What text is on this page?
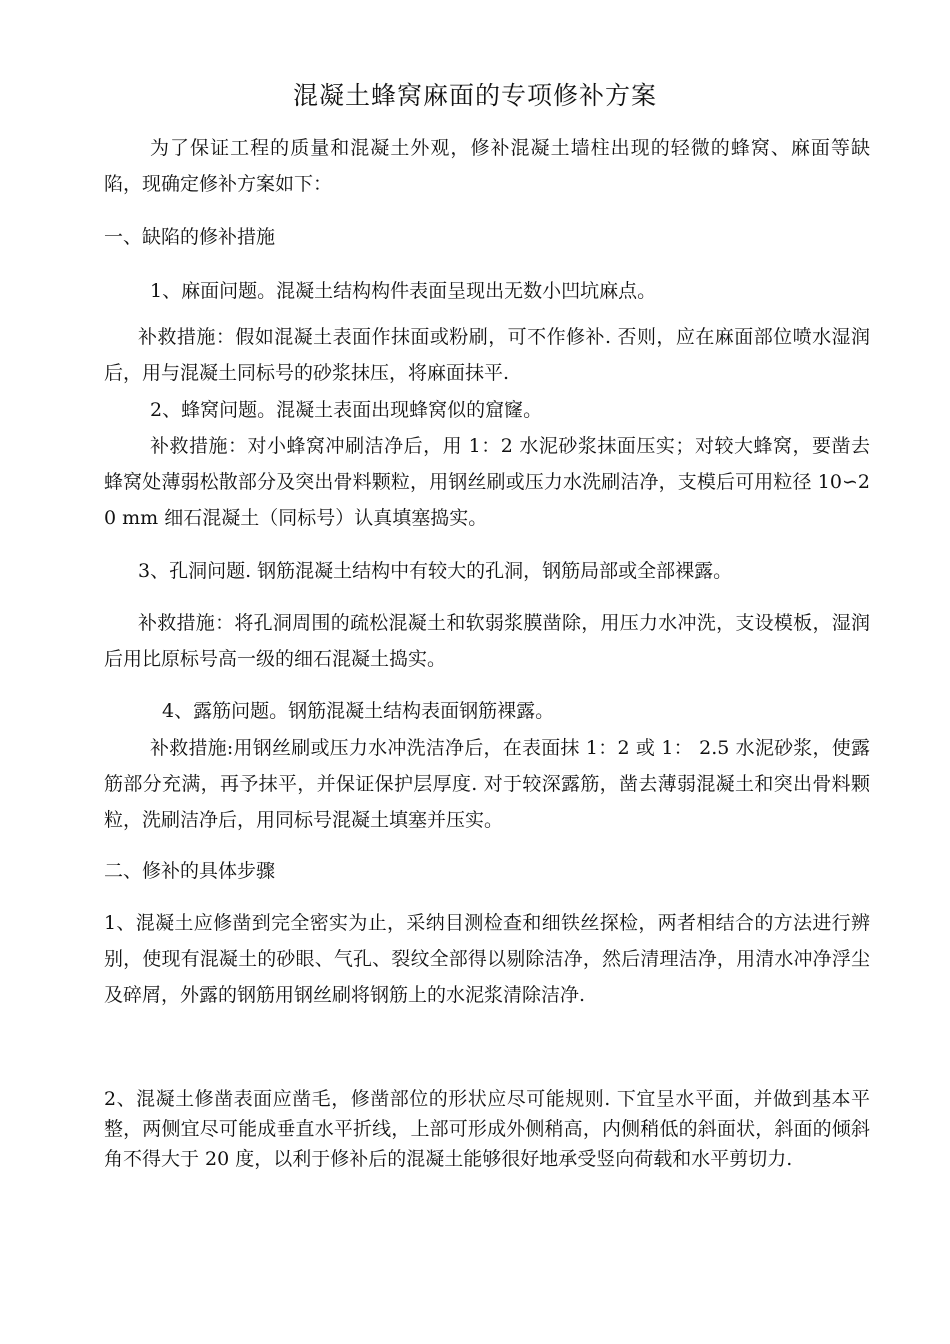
混凝土蜂窝麻面的专项修补方案

为了保证工程的质量和混凝土外观，修补混凝土墙柱出现的轻微的蜂窝、麻面等缺陷，现确定修补方案如下：

一、缺陷的修补措施

1、麻面问题。混凝土结构构件表面呈现出无数小凹坑麻点。

补救措施：假如混凝土表面作抹面或粉刷，可不作修补. 否则，应在麻面部位喷水湿润后，用与混凝土同标号的砂浆抹压，将麻面抹平.

2、蜂窝问题。混凝土表面出现蜂窝似的窟窿。

补救措施：对小蜂窝冲刷洁净后，用 1：2 水泥砂浆抹面压实；对较大蜂窝，要凿去蜂窝处薄弱松散部分及突出骨料颗粒，用钢丝刷或压力水洗刷洁净，支模后可用粒径 10∽20 mm 细石混凝土（同标号）认真填塞捣实。

3、孔洞问题. 钢筋混凝土结构中有较大的孔洞，钢筋局部或全部裸露。

补救措施：将孔洞周围的疏松混凝土和软弱浆膜凿除，用压力水冲洗，支设模板，湿润后用比原标号高一级的细石混凝土捣实。

4、露筋问题。钢筋混凝土结构表面钢筋裸露。

补救措施:用钢丝刷或压力水冲洗洁净后，在表面抹 1：2 或 1： 2.5 水泥砂浆，使露筋部分充满，再予抹平，并保证保护层厚度. 对于较深露筋，凿去薄弱混凝土和突出骨料颗粒，洗刷洁净后，用同标号混凝土填塞并压实。

二、修补的具体步骤

1、混凝土应修凿到完全密实为止，采纳目测检查和细铁丝探检，两者相结合的方法进行辨别，使现有混凝土的砂眼、气孔、裂纹全部得以剔除洁净，然后清理洁净，用清水冲净浮尘及碎屑，外露的钢筋用钢丝刷将钢筋上的水泥浆清除洁净.

2、混凝土修凿表面应凿毛，修凿部位的形状应尽可能规则. 下宜呈水平面，并做到基本平整，两侧宜尽可能成垂直水平折线，上部可形成外侧稍高，内侧稍低的斜面状，斜面的倾斜角不得大于 20 度，以利于修补后的混凝土能够很好地承受竖向荷载和水平剪切力.
